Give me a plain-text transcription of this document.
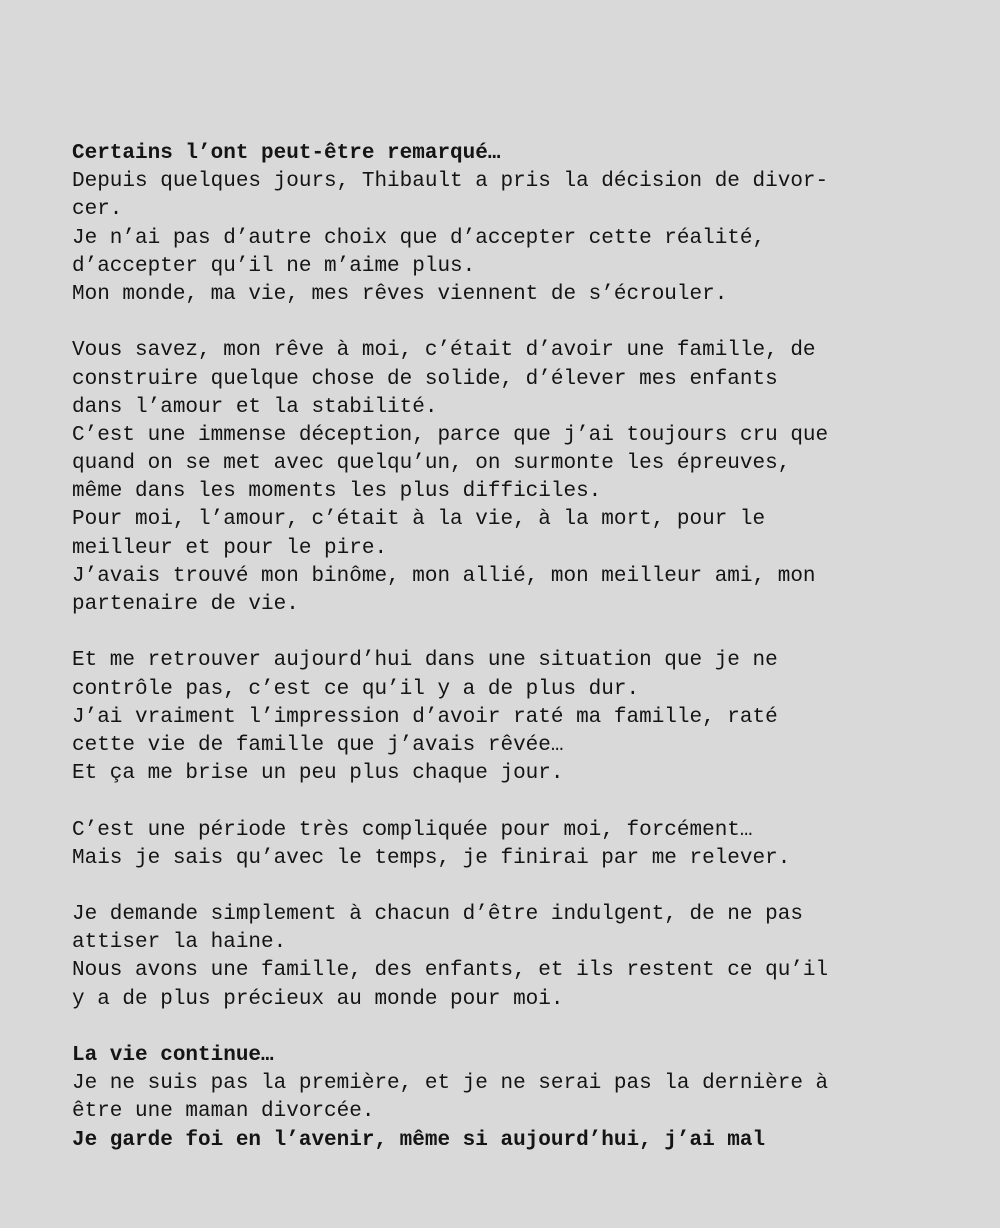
Certains l’ont peut-être remarqué…
Depuis quelques jours, Thibault a pris la décision de divor-
cer.
Je n’ai pas d’autre choix que d’accepter cette réalité,
d’accepter qu’il ne m’aime plus.
Mon monde, ma vie, mes rêves viennent de s’écrouler.
Vous savez, mon rêve à moi, c’était d’avoir une famille, de
construire quelque chose de solide, d’élever mes enfants
dans l’amour et la stabilité.
C’est une immense déception, parce que j’ai toujours cru que
quand on se met avec quelqu’un, on surmonte les épreuves,
même dans les moments les plus difficiles.
Pour moi, l’amour, c’était à la vie, à la mort, pour le
meilleur et pour le pire.
J’avais trouvé mon binôme, mon allié, mon meilleur ami, mon
partenaire de vie.
Et me retrouver aujourd’hui dans une situation que je ne
contrôle pas, c’est ce qu’il y a de plus dur.
J’ai vraiment l’impression d’avoir raté ma famille, raté
cette vie de famille que j’avais rêvée…
Et ça me brise un peu plus chaque jour.
C’est une période très compliquée pour moi, forcément…
Mais je sais qu’avec le temps, je finirai par me relever.
Je demande simplement à chacun d’être indulgent, de ne pas
attiser la haine.
Nous avons une famille, des enfants, et ils restent ce qu’il
y a de plus précieux au monde pour moi.
La vie continue…
Je ne suis pas la première, et je ne serai pas la dernière à
être une maman divorcée.
Je garde foi en l’avenir, même si aujourd’hui, j’ai mal
